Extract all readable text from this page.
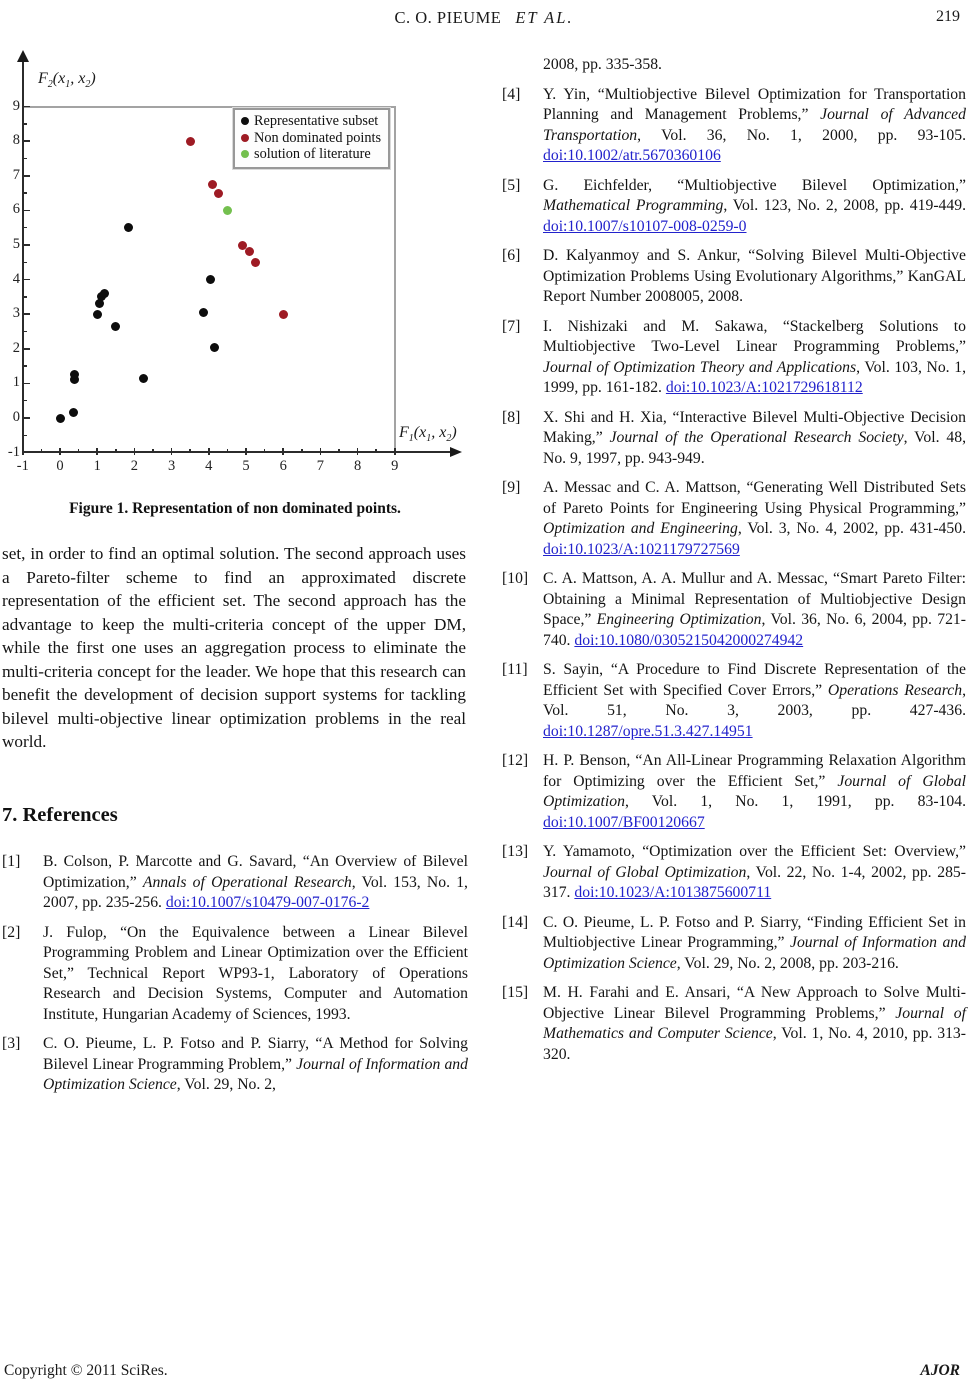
C. O. PIEUME ET AL.	219
$F_2(x_1$, $x_2$)
$F_1(x_1$, $x_2$)
Representative subset
Non dominated points
solution of literature
-1	0	1	2	3	4	5	6	7	8	9
-1
0
1
2
3
4
5
6
7
8
9
Figure 1. Representation of non dominated points.
set, in order to find an optimal solution. The second approach uses a Pareto-filter scheme to find an approximated discrete representation of the efficient set. The second approach has the advantage to keep the multi-criteria concept of the upper DM, while the first one uses an aggregation process to eliminate the multi-criteria concept for the leader. We hope that this research can benefit the development of decision support systems for tackling bilevel multi-objective linear optimization problems in the real world.
7. References
[1] B. Colson, P. Marcotte and G. Savard, “An Overview of Bilevel Optimization,” Annals of Operational Research, Vol. 153, No. 1, 2007, pp. 235-256. doi:10.1007/s10479-007-0176-2
[2] J. Fulop, “On the Equivalence between a Linear Bilevel Programming Problem and Linear Optimization over the Efficient Set,” Technical Report WP93-1, Laboratory of Operations Research and Decision Systems, Computer and Automation Institute, Hungarian Academy of Sciences, 1993.
[3] C. O. Pieume, L. P. Fotso and P. Siarry, “A Method for Solving Bilevel Linear Programming Problem,” Journal of Information and Optimization Science, Vol. 29, No. 2,
2008, pp. 335-358.
[4] Y. Yin, “Multiobjective Bilevel Optimization for Transportation Planning and Management Problems,” Journal of Advanced Transportation, Vol. 36, No. 1, 2000, pp. 93-105. doi:10.1002/atr.5670360106
[5] G. Eichfelder, “Multiobjective Bilevel Optimization,” Mathematical Programming, Vol. 123, No. 2, 2008, pp. 419-449. doi:10.1007/s10107-008-0259-0
[6] D. Kalyanmoy and S. Ankur, “Solving Bilevel Multi-Objective Optimization Problems Using Evolutionary Algorithms,” KanGAL Report Number 2008005, 2008.
[7] I. Nishizaki and M. Sakawa, “Stackelberg Solutions to Multiobjective Two-Level Linear Programming Problems,” Journal of Optimization Theory and Applications, Vol. 103, No. 1, 1999, pp. 161-182. doi:10.1023/A:1021729618112
[8] X. Shi and H. Xia, “Interactive Bilevel Multi-Objective Decision Making,” Journal of the Operational Research Society, Vol. 48, No. 9, 1997, pp. 943-949.
[9] A. Messac and C. A. Mattson, “Generating Well Distributed Sets of Pareto Points for Engineering Using Physical Programming,” Optimization and Engineering, Vol. 3, No. 4, 2002, pp. 431-450. doi:10.1023/A:1021179727569
[10] C. A. Mattson, A. A. Mullur and A. Messac, “Smart Pareto Filter: Obtaining a Minimal Representation of Multiobjective Design Space,” Engineering Optimization, Vol. 36, No. 6, 2004, pp. 721-740. doi:10.1080/0305215042000274942
[11] S. Sayin, “A Procedure to Find Discrete Representation of the Efficient Set with Specified Cover Errors,” Operations Research, Vol. 51, No. 3, 2003, pp. 427-436. doi:10.1287/opre.51.3.427.14951
[12] H. P. Benson, “An All-Linear Programming Relaxation Algorithm for Optimizing over the Efficient Set,” Journal of Global Optimization, Vol. 1, No. 1, 1991, pp. 83-104. doi:10.1007/BF00120667
[13] Y. Yamamoto, “Optimization over the Efficient Set: Overview,” Journal of Global Optimization, Vol. 22, No. 1-4, 2002, pp. 285-317. doi:10.1023/A:1013875600711
[14] C. O. Pieume, L. P. Fotso and P. Siarry, “Finding Efficient Set in Multiobjective Linear Programming,” Journal of Information and Optimization Science, Vol. 29, No. 2, 2008, pp. 203-216.
[15] M. H. Farahi and E. Ansari, “A New Approach to Solve Multi-Objective Linear Bilevel Programming Problems,” Journal of Mathematics and Computer Science, Vol. 1, No. 4, 2010, pp. 313-320.
Copyright © 2011 SciRes.	AJOR
